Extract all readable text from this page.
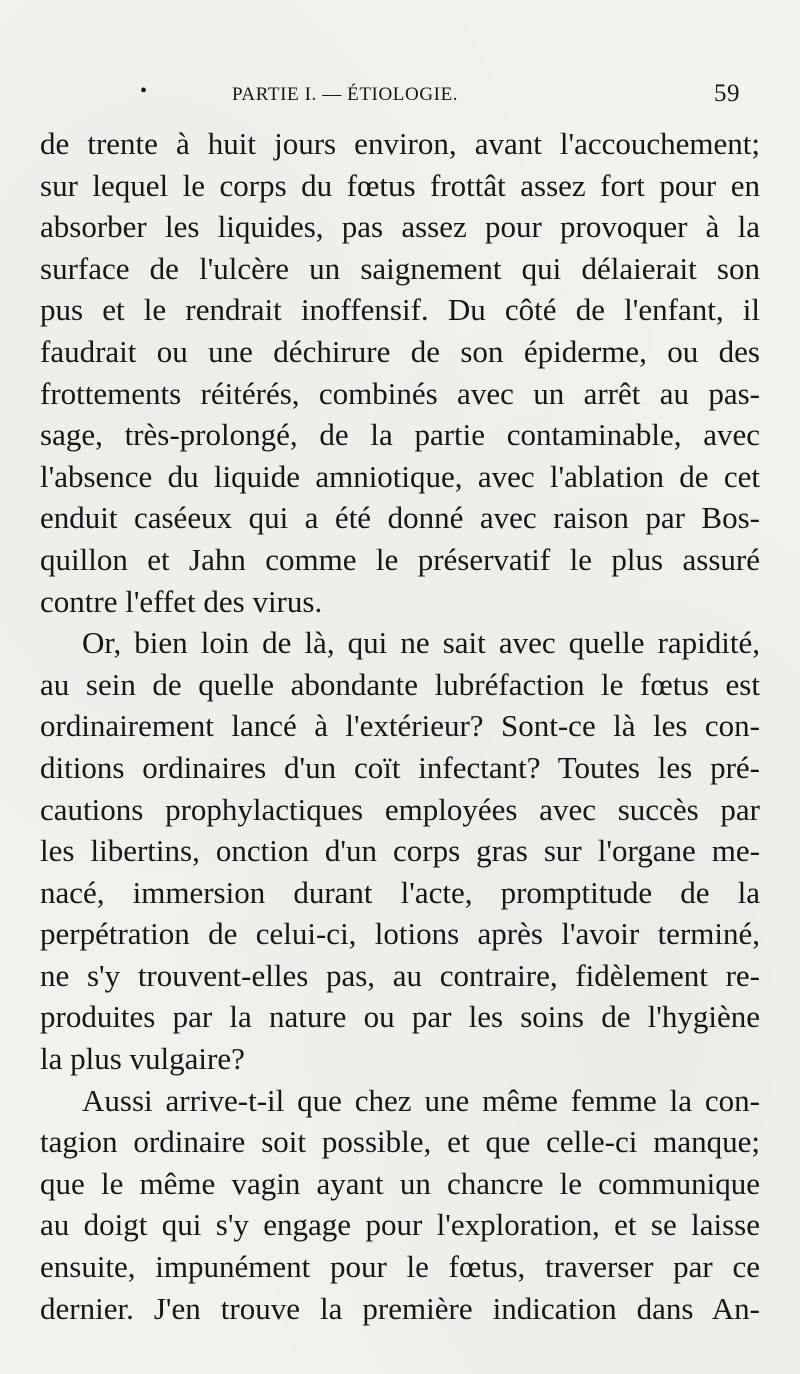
•	PARTIE I. — ÉTIOLOGIE.	59
de trente à huit jours environ, avant l'accouchement;
sur lequel le corps du fœtus frottât assez fort pour en
absorber les liquides, pas assez pour provoquer à la
surface de l'ulcère un saignement qui délaierait son
pus et le rendrait inoffensif. Du côté de l'enfant, il
faudrait ou une déchirure de son épiderme, ou des
frottements réitérés, combinés avec un arrêt au pas-
sage, très-prolongé, de la partie contaminable, avec
l'absence du liquide amniotique, avec l'ablation de cet
enduit caséeux qui a été donné avec raison par Bos-
quillon et Jahn comme le préservatif le plus assuré
contre l'effet des virus.
Or, bien loin de là, qui ne sait avec quelle rapidité,
au sein de quelle abondante lubréfaction le fœtus est
ordinairement lancé à l'extérieur? Sont-ce là les con-
ditions ordinaires d'un coït infectant? Toutes les pré-
cautions prophylactiques employées avec succès par
les libertins, onction d'un corps gras sur l'organe me-
nacé, immersion durant l'acte, promptitude de la
perpétration de celui-ci, lotions après l'avoir terminé,
ne s'y trouvent-elles pas, au contraire, fidèlement re-
produites par la nature ou par les soins de l'hygiène
la plus vulgaire?
Aussi arrive-t-il que chez une même femme la con-
tagion ordinaire soit possible, et que celle-ci manque;
que le même vagin ayant un chancre le communique
au doigt qui s'y engage pour l'exploration, et se laisse
ensuite, impunément pour le fœtus, traverser par ce
dernier. J'en trouve la première indication dans An-
